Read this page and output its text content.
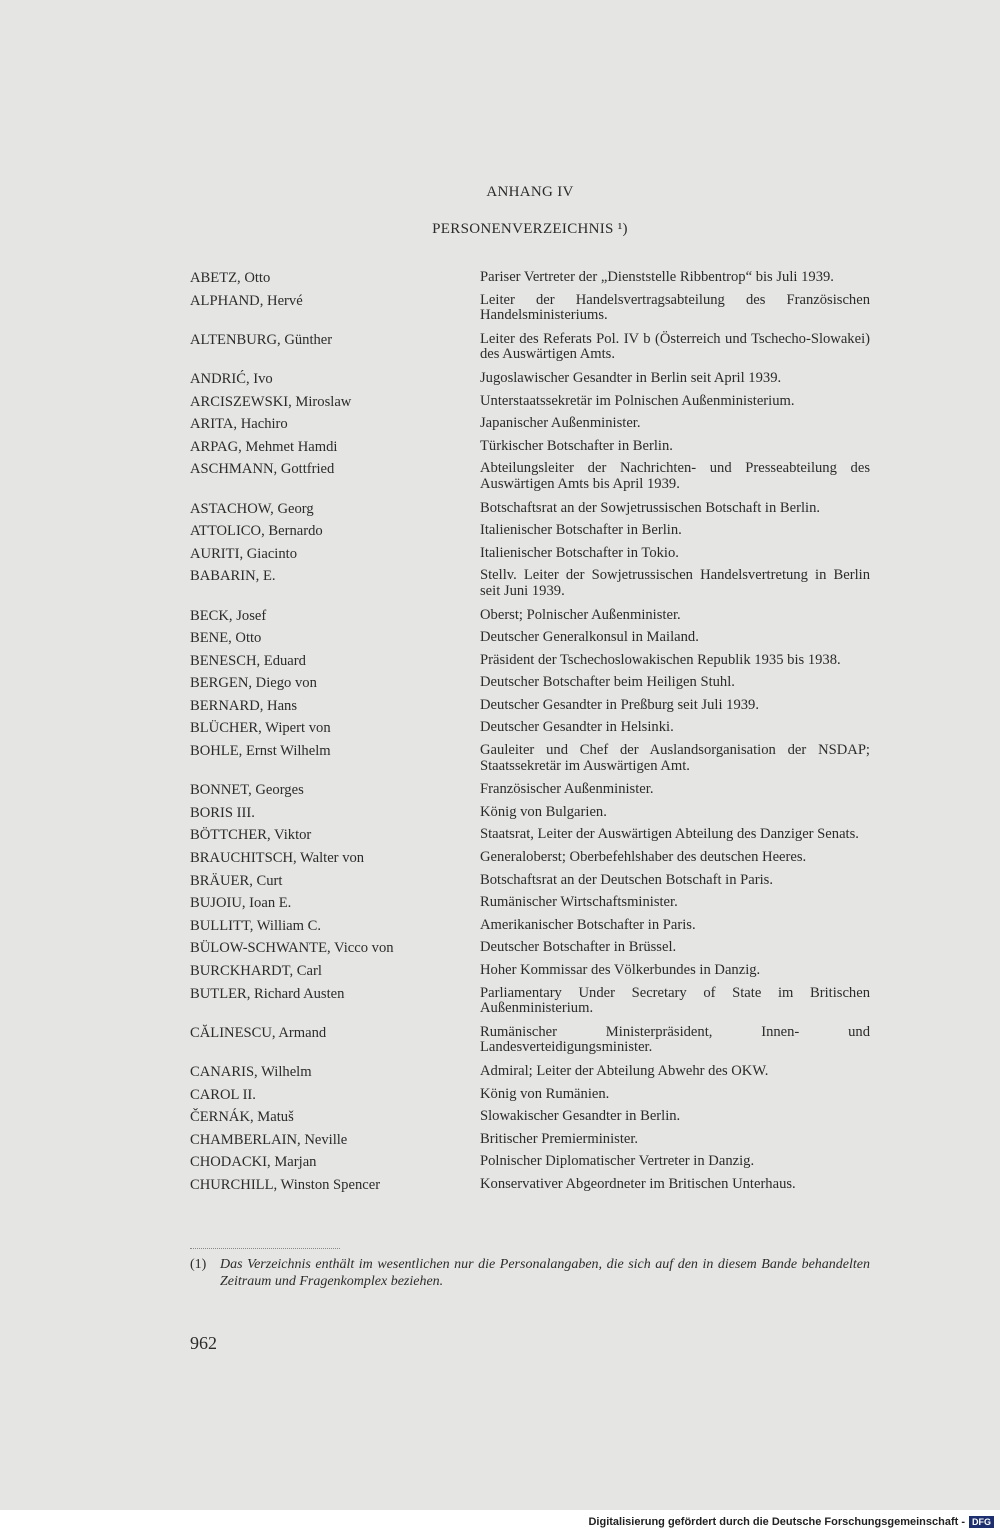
ANHANG IV
PERSONENVERZEICHNIS ¹)
ABETZ, Otto	Pariser Vertreter der „Dienststelle Ribbentrop“ bis Juli 1939.
ALPHAND, Hervé	Leiter der Handelsvertragsabteilung des Französischen Handelsministeriums.
ALTENBURG, Günther	Leiter des Referats Pol. IV b (Österreich und Tschecho-Slowakei) des Auswärtigen Amts.
ANDRIĆ, Ivo	Jugoslawischer Gesandter in Berlin seit April 1939.
ARCISZEWSKI, Miroslaw	Unterstaatssekretär im Polnischen Außenministerium.
ARITA, Hachiro	Japanischer Außenminister.
ARPAG, Mehmet Hamdi	Türkischer Botschafter in Berlin.
ASCHMANN, Gottfried	Abteilungsleiter der Nachrichten- und Presseabteilung des Auswärtigen Amts bis April 1939.
ASTACHOW, Georg	Botschaftsrat an der Sowjetrussischen Botschaft in Berlin.
ATTOLICO, Bernardo	Italienischer Botschafter in Berlin.
AURITI, Giacinto	Italienischer Botschafter in Tokio.
BABARIN, E.	Stellv. Leiter der Sowjetrussischen Handelsvertretung in Berlin seit Juni 1939.
BECK, Josef	Oberst; Polnischer Außenminister.
BENE, Otto	Deutscher Generalkonsul in Mailand.
BENESCH, Eduard	Präsident der Tschechoslowakischen Republik 1935 bis 1938.
BERGEN, Diego von	Deutscher Botschafter beim Heiligen Stuhl.
BERNARD, Hans	Deutscher Gesandter in Preßburg seit Juli 1939.
BLÜCHER, Wipert von	Deutscher Gesandter in Helsinki.
BOHLE, Ernst Wilhelm	Gauleiter und Chef der Auslandsorganisation der NSDAP; Staatssekretär im Auswärtigen Amt.
BONNET, Georges	Französischer Außenminister.
BORIS III.	König von Bulgarien.
BÖTTCHER, Viktor	Staatsrat, Leiter der Auswärtigen Abteilung des Danziger Senats.
BRAUCHITSCH, Walter von	Generaloberst; Oberbefehlshaber des deutschen Heeres.
BRÄUER, Curt	Botschaftsrat an der Deutschen Botschaft in Paris.
BUJOIU, Ioan E.	Rumänischer Wirtschaftsminister.
BULLITT, William C.	Amerikanischer Botschafter in Paris.
BÜLOW-SCHWANTE, Vicco von	Deutscher Botschafter in Brüssel.
BURCKHARDT, Carl	Hoher Kommissar des Völkerbundes in Danzig.
BUTLER, Richard Austen	Parliamentary Under Secretary of State im Britischen Außenministerium.
CĂLINESCU, Armand	Rumänischer Ministerpräsident, Innen- und Landesverteidigungsminister.
CANARIS, Wilhelm	Admiral; Leiter der Abteilung Abwehr des OKW.
CAROL II.	König von Rumänien.
ČERNÁK, Matuš	Slowakischer Gesandter in Berlin.
CHAMBERLAIN, Neville	Britischer Premierminister.
CHODACKI, Marjan	Polnischer Diplomatischer Vertreter in Danzig.
CHURCHILL, Winston Spencer	Konservativer Abgeordneter im Britischen Unterhaus.
(1) Das Verzeichnis enthält im wesentlichen nur die Personalangaben, die sich auf den in diesem Bande behandelten Zeitraum und Fragenkomplex beziehen.
962
Digitalisierung gefördert durch die Deutsche Forschungsgemeinschaft - DFG
